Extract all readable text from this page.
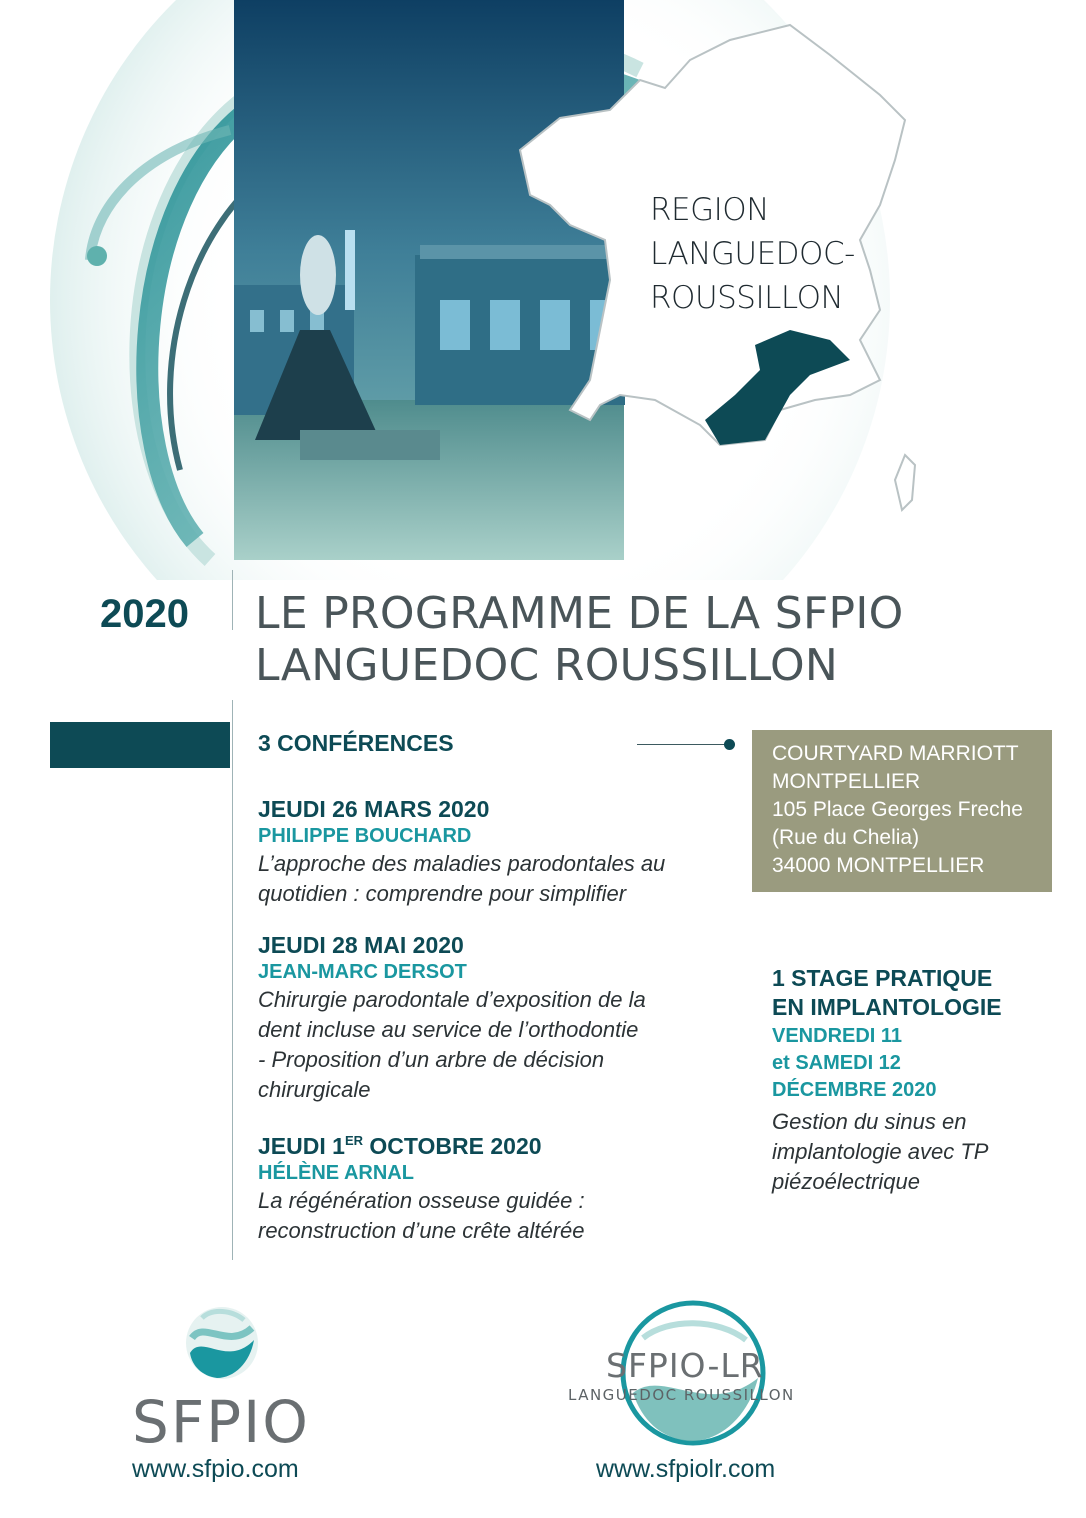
REGION
LANGUEDOC-
ROUSSILLON
2020 LE PROGRAMME DE LA SFPIO
LANGUEDOC ROUSSILLON
3 CONFÉRENCES
JEUDI 26 MARS 2020
PHILIPPE BOUCHARD
L’approche des maladies parodontales au
quotidien : comprendre pour simplifier
JEUDI 28 MAI 2020
JEAN-MARC DERSOT
Chirurgie parodontale d’exposition de la
dent incluse au service de l’orthodontie
- Proposition d’un arbre de décision
chirurgicale
JEUDI 1ER OCTOBRE 2020
HÉLÈNE ARNAL
La régénération osseuse guidée :
reconstruction d’une crête altérée
COURTYARD MARRIOTT
MONTPELLIER
105 Place Georges Freche
(Rue du Chelia)
34000 MONTPELLIER
1 STAGE PRATIQUE
EN IMPLANTOLOGIE
VENDREDI 11
et SAMEDI 12
DÉCEMBRE 2020
Gestion du sinus en
implantologie avec TP
piézoélectrique
SFPIO
www.sfpio.com
SFPIO-LR
LANGUEDOC ROUSSILLON
www.sfpiolr.com
